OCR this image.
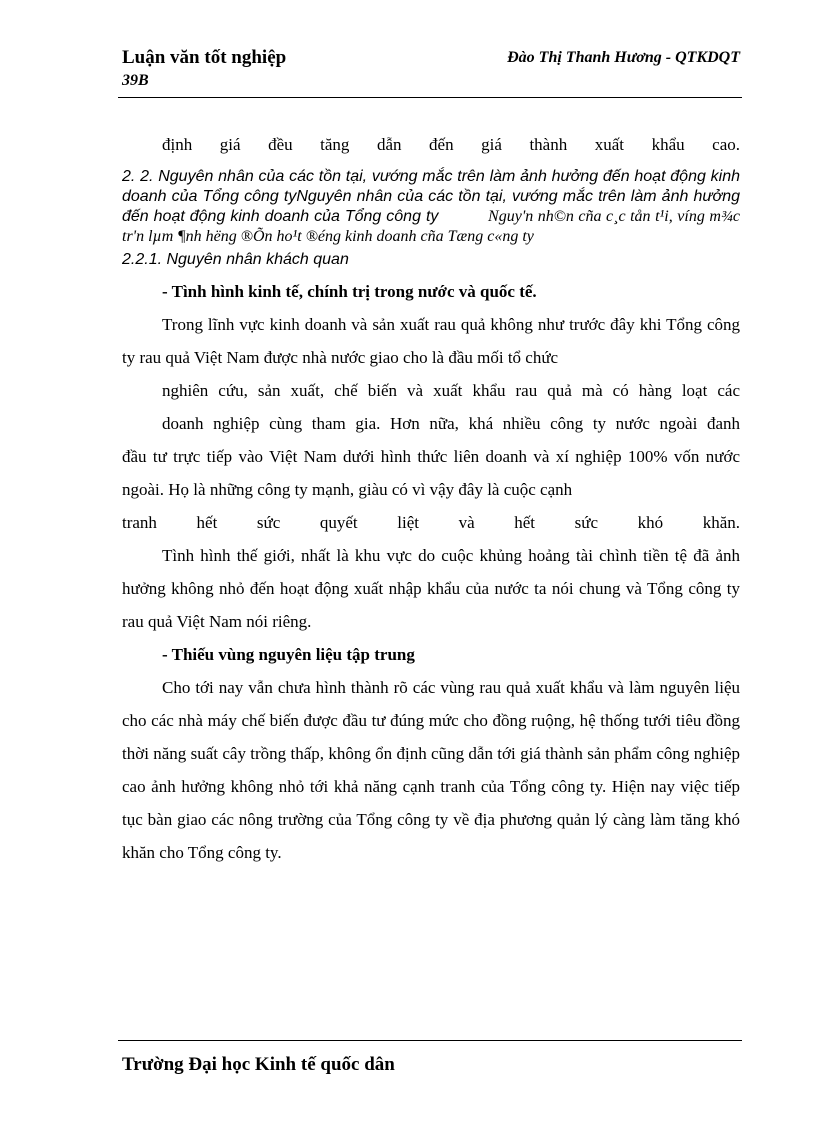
Luận văn tốt nghiệp
39B
Đào Thị Thanh Hương - QTKDQT

định giá đều tăng dẫn đến giá thành xuất khẩu cao.

2. 2. Nguyên nhân của các tồn tại, vướng mắc trên làm ảnh hưởng đến hoạt động kinh doanh của Tổng công tyNguyên nhân của các tồn tại, vướng mắc trên làm ảnh hưởng đến hoạt động kinh doanh của Tổng công ty	Nguy'n nh©n cña c¸c tån t¹i, víng m¾c tr'n lµm ¶nh hëng ®Õn ho¹t ®éng kinh doanh cña Tæng c«ng ty

2.2.1. Nguyên nhân khách quan

- Tình hình kinh tế, chính trị trong nước và quốc tế.

Trong lĩnh vực kinh doanh và sản xuất rau quả không như trước đây khi Tổng công ty rau quả Việt Nam được nhà nước giao cho là đầu mối tổ chức

nghiên cứu, sản xuất, chế biến và xuất khẩu rau quả mà có hàng loạt các

doanh nghiệp cùng tham gia. Hơn nữa, khá nhiều công ty nước ngoài đanh

đầu tư trực tiếp vào Việt Nam dưới hình thức liên doanh và xí nghiệp 100% vốn nước ngoài. Họ là những công ty mạnh, giàu có vì vậy đây là cuộc cạnh

tranh hết sức quyết liệt và hết sức khó khăn.

Tình hình thế giới, nhất là khu vực do cuộc khủng hoảng tài chình tiền tệ đã ảnh hưởng không nhỏ đến hoạt động xuất nhập khẩu của nước ta nói chung và Tổng công ty rau quả Việt Nam nói riêng.

- Thiếu vùng nguyên liệu tập trung

Cho tới nay vẫn chưa hình thành rõ các vùng rau quả xuất khẩu và làm nguyên liệu cho các nhà máy chế biến được đầu tư đúng mức cho đồng ruộng, hệ thống tưới tiêu đồng thời năng suất cây trồng thấp, không ổn định cũng dẫn tới giá thành sản phẩm công nghiệp cao ảnh hưởng không nhỏ tới khả năng cạnh tranh của Tổng công ty. Hiện nay việc tiếp tục bàn giao các nông trường của Tổng công ty về địa phương quản lý càng làm tăng khó khăn cho Tổng công ty.

Trường Đại học Kinh tế quốc dân
